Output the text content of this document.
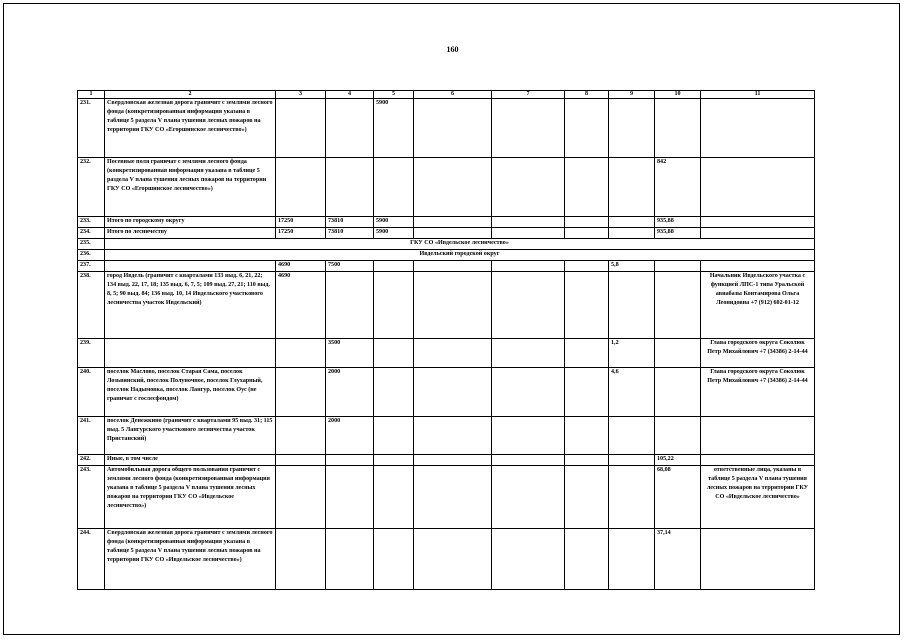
160
1	2	3	4	5	6	7	8	9	10	11
231.	Свердловская железная дорога граничит с землями лесного фонда (конкретизированная информация указана в таблице 5 раздела V плана тушения лесных пожаров на территории ГКУ СО «Егоршинское лесничество»)			5900						
232.	Посевные поля граничат с землями лесного фонда (конкретизированная информация указана в таблице 5 раздела V плана тушения лесных пожаров на территории ГКУ СО «Егоршинское лесничество»)								842	
233.	Итого по городскому округу	17250	73810	5900					935,88	
234.	Итого по лесничеству	17250	73810	5900					935,88	
235.	ГКУ СО «Ивдельское лесничество»									
236.	Ивдельский городской округ									
237.		4690	7500					5,8		
238.	город Ивдель (граничит с кварталами 133 выд. 6, 21, 22; 134 выд. 22, 17, 18; 135 выд. 6, 7, 5; 109 выд. 27, 21; 110 выд. 8, 5; 90 выд. 84; 136 выд. 10, 14 Ивдельского участкового лесничества участок Ивдельский)	4690								Начальник Ивдельского участка с функцией ЛПС-1 типа Уральской авиабазы Контамирова Ольга Леонидовна +7 (912) 602-01-12
239.			3500					1,2		Глава городского округа Соколюк Петр Михайлович +7 (34386) 2-14-44
240.	поселок Маслово, поселок Старая Сама, поселок Лозьвинский, поселок Полуночное, поселок Глухарный, поселок Надымовка, поселок Лангур, поселок Оус (не граничат с гослесфондом)		2000					4,6		Глава городского округа Соколюк Петр Михайлович +7 (34386) 2-14-44
241.	поселок Денежкино (граничит с кварталами 95 выд. 31; 115 выд. 5 Лангурского участкового лесничества участок Пристанский)		2000							
242.	Иные, в том числе								105,22	
243.	Автомобильная дорога общего пользования граничит с землями лесного фонда (конкретизированная информация указана в таблице 5 раздела V плана тушения лесных пожаров на территории ГКУ СО «Ивдельское лесничество»)								68,08	ответственные лица, указаны в таблице 5 раздела V плана тушения лесных пожаров на территории ГКУ СО «Ивдельское лесничество»
244.	Свердловская железная дорога граничит с землями лесного фонда (конкретизированная информация указана в таблице 5 раздела V плана тушения лесных пожаров на территории ГКУ СО «Ивдельское лесничество»)								37,14	
